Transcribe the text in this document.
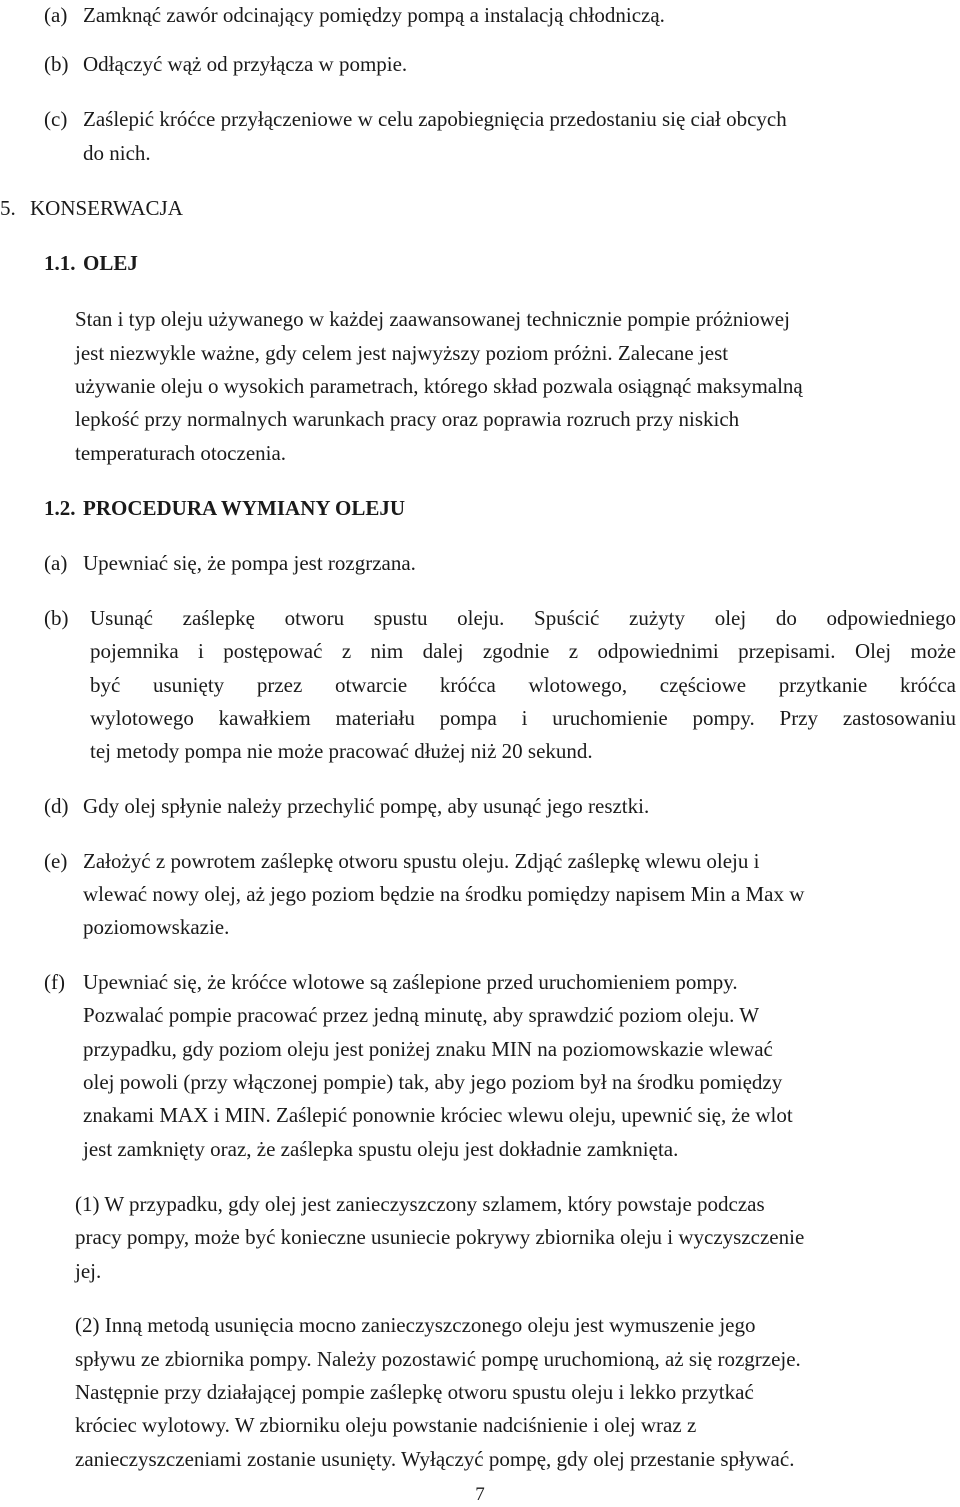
(a) Zamknąć zawór odcinający pomiędzy pompą a instalacją chłodniczą.
(b) Odłączyć wąż od przyłącza w pompie.
(c) Zaślepić króćce przyłączeniowe w celu zapobiegnięcia przedostaniu się ciał obcych
do nich.
5. KONSERWACJA
1.1. OLEJ
Stan i typ oleju używanego w każdej zaawansowanej technicznie pompie próżniowej
jest niezwykle ważne, gdy celem jest najwyższy poziom próżni. Zalecane jest
używanie oleju o wysokich parametrach, którego skład pozwala osiągnąć maksymalną
lepkość przy normalnych warunkach pracy oraz poprawia rozruch przy niskich
temperaturach otoczenia.
1.2. PROCEDURA WYMIANY OLEJU
(a) Upewniać się, że pompa jest rozgrzana.
(b) Usunąć zaślepkę otworu spustu oleju. Spuścić zużyty olej do odpowiedniego
pojemnika i postępować z nim dalej zgodnie z odpowiednimi przepisami. Olej może
być usunięty przez otwarcie króćca wlotowego, częściowe przytkanie króćca
wylotowego kawałkiem materiału pompa i uruchomienie pompy. Przy zastosowaniu
tej metody pompa nie może pracować dłużej niż 20 sekund.
(d) Gdy olej spłynie należy przechylić pompę, aby usunąć jego resztki.
(e) Założyć z powrotem zaślepkę otworu spustu oleju. Zdjąć zaślepkę wlewu oleju i
wlewać nowy olej, aż jego poziom będzie na środku pomiędzy napisem Min a Max w
poziomowskazie.
(f) Upewniać się, że króćce wlotowe są zaślepione przed uruchomieniem pompy.
Pozwalać pompie pracować przez jedną minutę, aby sprawdzić poziom oleju. W
przypadku, gdy poziom oleju jest poniżej znaku MIN na poziomowskazie wlewać
olej powoli (przy włączonej pompie) tak, aby jego poziom był na środku pomiędzy
znakami MAX i MIN. Zaślepić ponownie króciec wlewu oleju, upewnić się, że wlot
jest zamknięty oraz, że zaślepka spustu oleju jest dokładnie zamknięta.
(1) W przypadku, gdy olej jest zanieczyszczony szlamem, który powstaje podczas
pracy pompy, może być konieczne usuniecie pokrywy zbiornika oleju i wyczyszczenie
jej.
(2) Inną metodą usunięcia mocno zanieczyszczonego oleju jest wymuszenie jego
spływu ze zbiornika pompy. Należy pozostawić pompę uruchomioną, aż się rozgrzeje.
Następnie przy działającej pompie zaślepkę otworu spustu oleju i lekko przytkać
króciec wylotowy. W zbiorniku oleju powstanie nadciśnienie i olej wraz z
zanieczyszczeniami zostanie usunięty. Wyłączyć pompę, gdy olej przestanie spływać.
7
